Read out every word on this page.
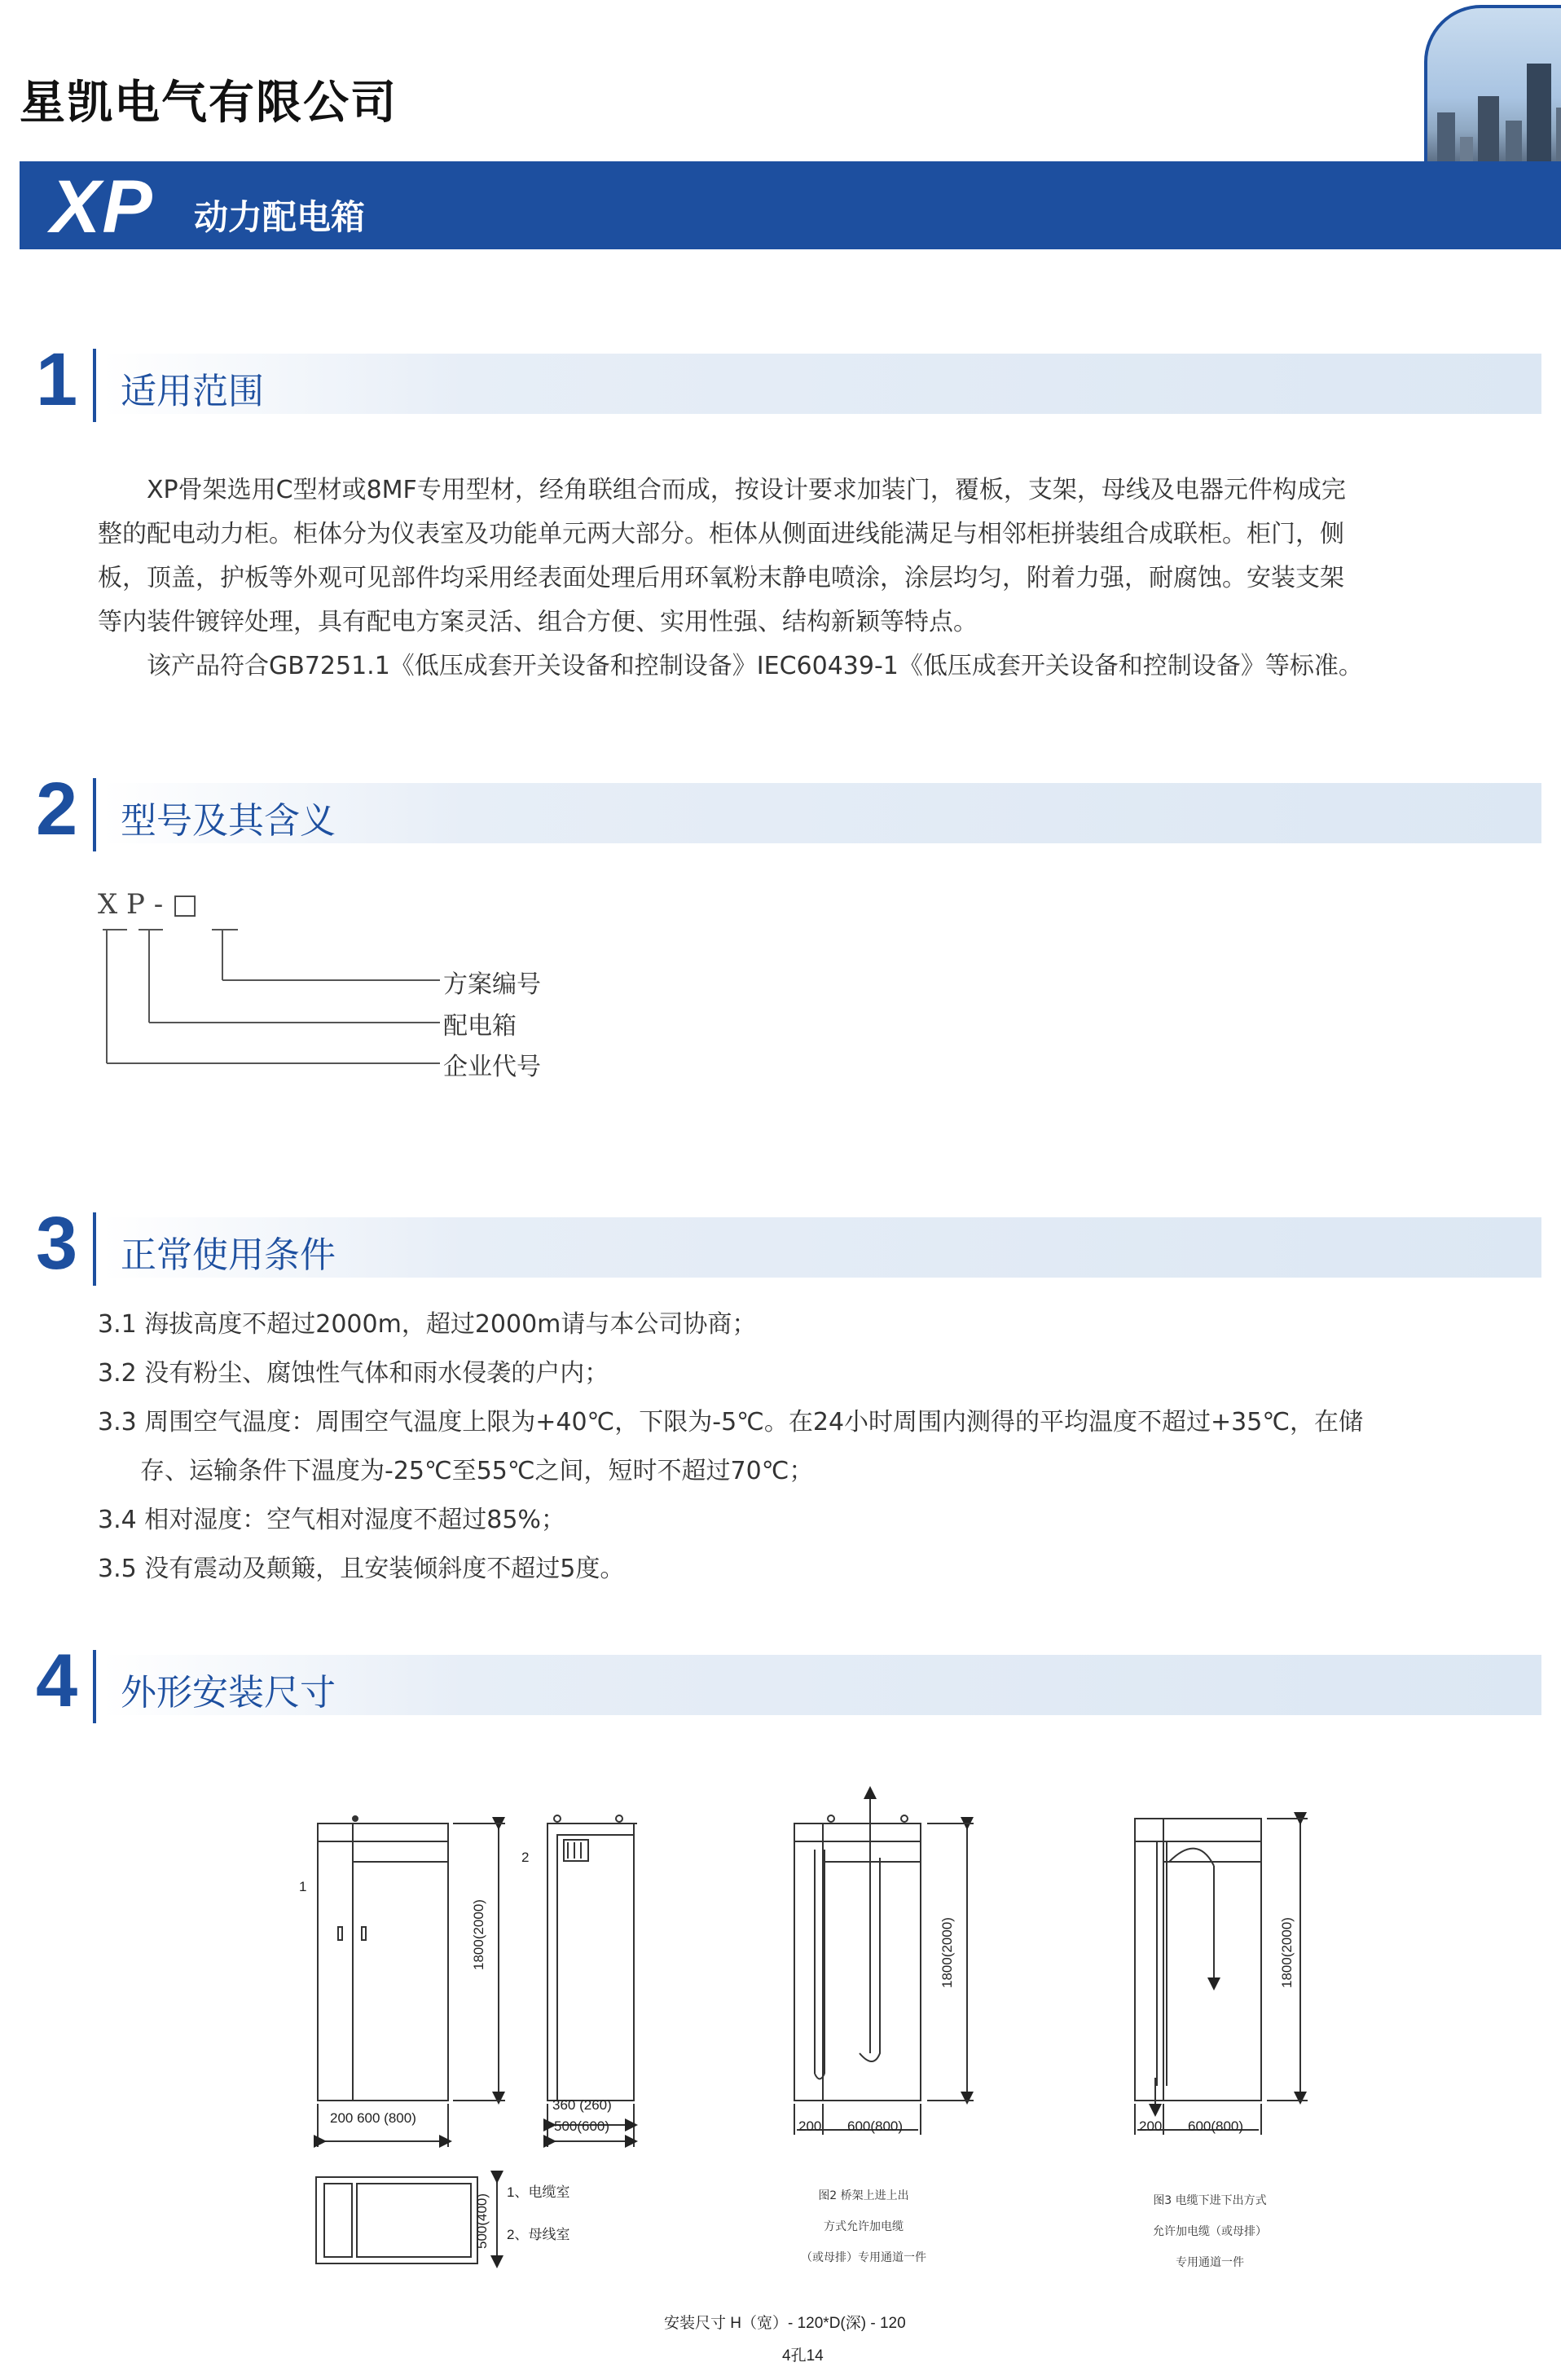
星凯电气有限公司
XP 动力配电箱
1 适用范围
XP骨架选用C型材或8MF专用型材，经角联组合而成，按设计要求加装门，覆板，支架，母线及电器元件构成完
整的配电动力柜。柜体分为仪表室及功能单元两大部分。柜体从侧面进线能满足与相邻柜拼装组合成联柜。柜门，侧
板，顶盖，护板等外观可见部件均采用经表面处理后用环氧粉末静电喷涂，涂层均匀，附着力强，耐腐蚀。安装支架
等内装件镀锌处理，具有配电方案灵活、组合方便、实用性强、结构新颖等特点。
该产品符合GB7251.1《低压成套开关设备和控制设备》IEC60439-1《低压成套开关设备和控制设备》等标准。
2 型号及其含义
X P - □
方案编号
配电箱
企业代号
3 正常使用条件
3.1 海拔高度不超过2000m，超过2000m请与本公司协商；
3.2 没有粉尘、腐蚀性气体和雨水侵袭的户内；
3.3 周围空气温度：周围空气温度上限为+40℃，下限为-5℃。在24小时周围内测得的平均温度不超过+35℃，在储
存、运输条件下温度为-25℃至55℃之间，短时不超过70℃；
3.4 相对湿度：空气相对湿度不超过85%；
3.5 没有震动及颠簸，且安装倾斜度不超过5度。
4 外形安装尺寸
1
2
1800(2000)
200 600 (800)
360 (260)
500(600)
500(400)
1、电缆室
2、母线室
1800(2000)
200 600(800)
图2 桥架上进上出
方式允许加电缆
（或母排）专用通道一件
1800(2000)
200 600(800)
图3 电缆下进下出方式
允许加电缆（或母排）
专用通道一件
安装尺寸 H（宽）- 120*D(深) - 120
4孔14
